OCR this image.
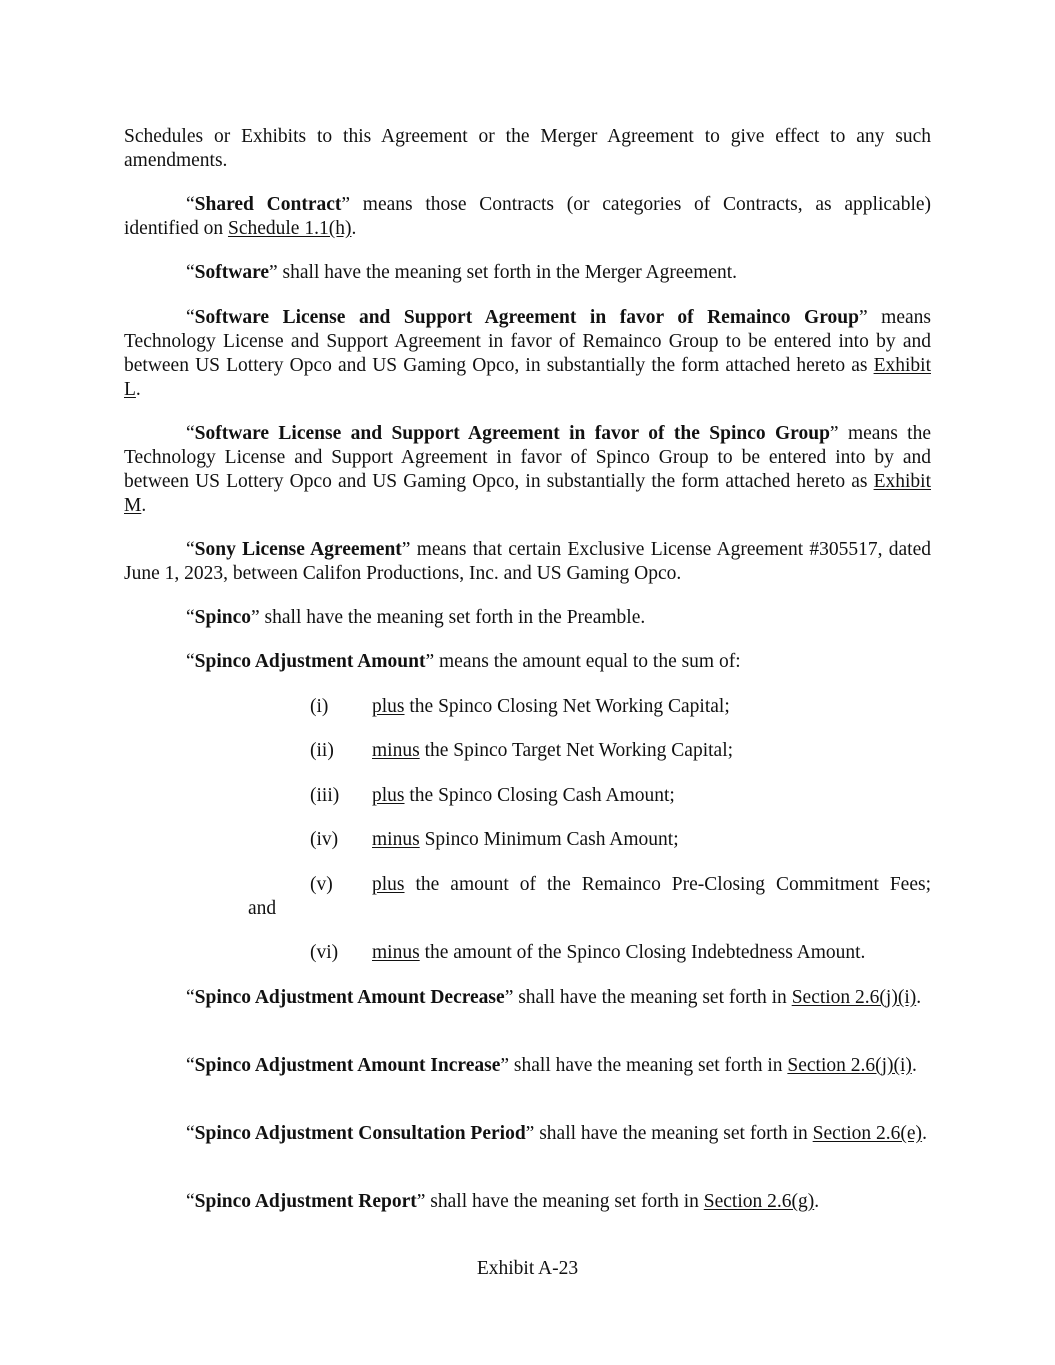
Schedules or Exhibits to this Agreement or the Merger Agreement to give effect to any such amendments.

“Shared Contract” means those Contracts (or categories of Contracts, as applicable) identified on Schedule 1.1(h).

“Software” shall have the meaning set forth in the Merger Agreement.

“Software License and Support Agreement in favor of Remainco Group” means Technology License and Support Agreement in favor of Remainco Group to be entered into by and between US Lottery Opco and US Gaming Opco, in substantially the form attached hereto as Exhibit L.

“Software License and Support Agreement in favor of the Spinco Group” means the Technology License and Support Agreement in favor of Spinco Group to be entered into by and between US Lottery Opco and US Gaming Opco, in substantially the form attached hereto as Exhibit M.

“Sony License Agreement” means that certain Exclusive License Agreement #305517, dated June 1, 2023, between Califon Productions, Inc. and US Gaming Opco.

“Spinco” shall have the meaning set forth in the Preamble.

“Spinco Adjustment Amount” means the amount equal to the sum of:

(i) plus the Spinco Closing Net Working Capital;
(ii) minus the Spinco Target Net Working Capital;
(iii) plus the Spinco Closing Cash Amount;
(iv) minus Spinco Minimum Cash Amount;
(v) plus the amount of the Remainco Pre-Closing Commitment Fees;

and

(vi) minus the amount of the Spinco Closing Indebtedness Amount.

“Spinco Adjustment Amount Decrease” shall have the meaning set forth in Section 2.6(j)(i).

“Spinco Adjustment Amount Increase” shall have the meaning set forth in Section 2.6(j)(i).

“Spinco Adjustment Consultation Period” shall have the meaning set forth in Section 2.6(e).

“Spinco Adjustment Report” shall have the meaning set forth in Section 2.6(g).

Exhibit A-23
